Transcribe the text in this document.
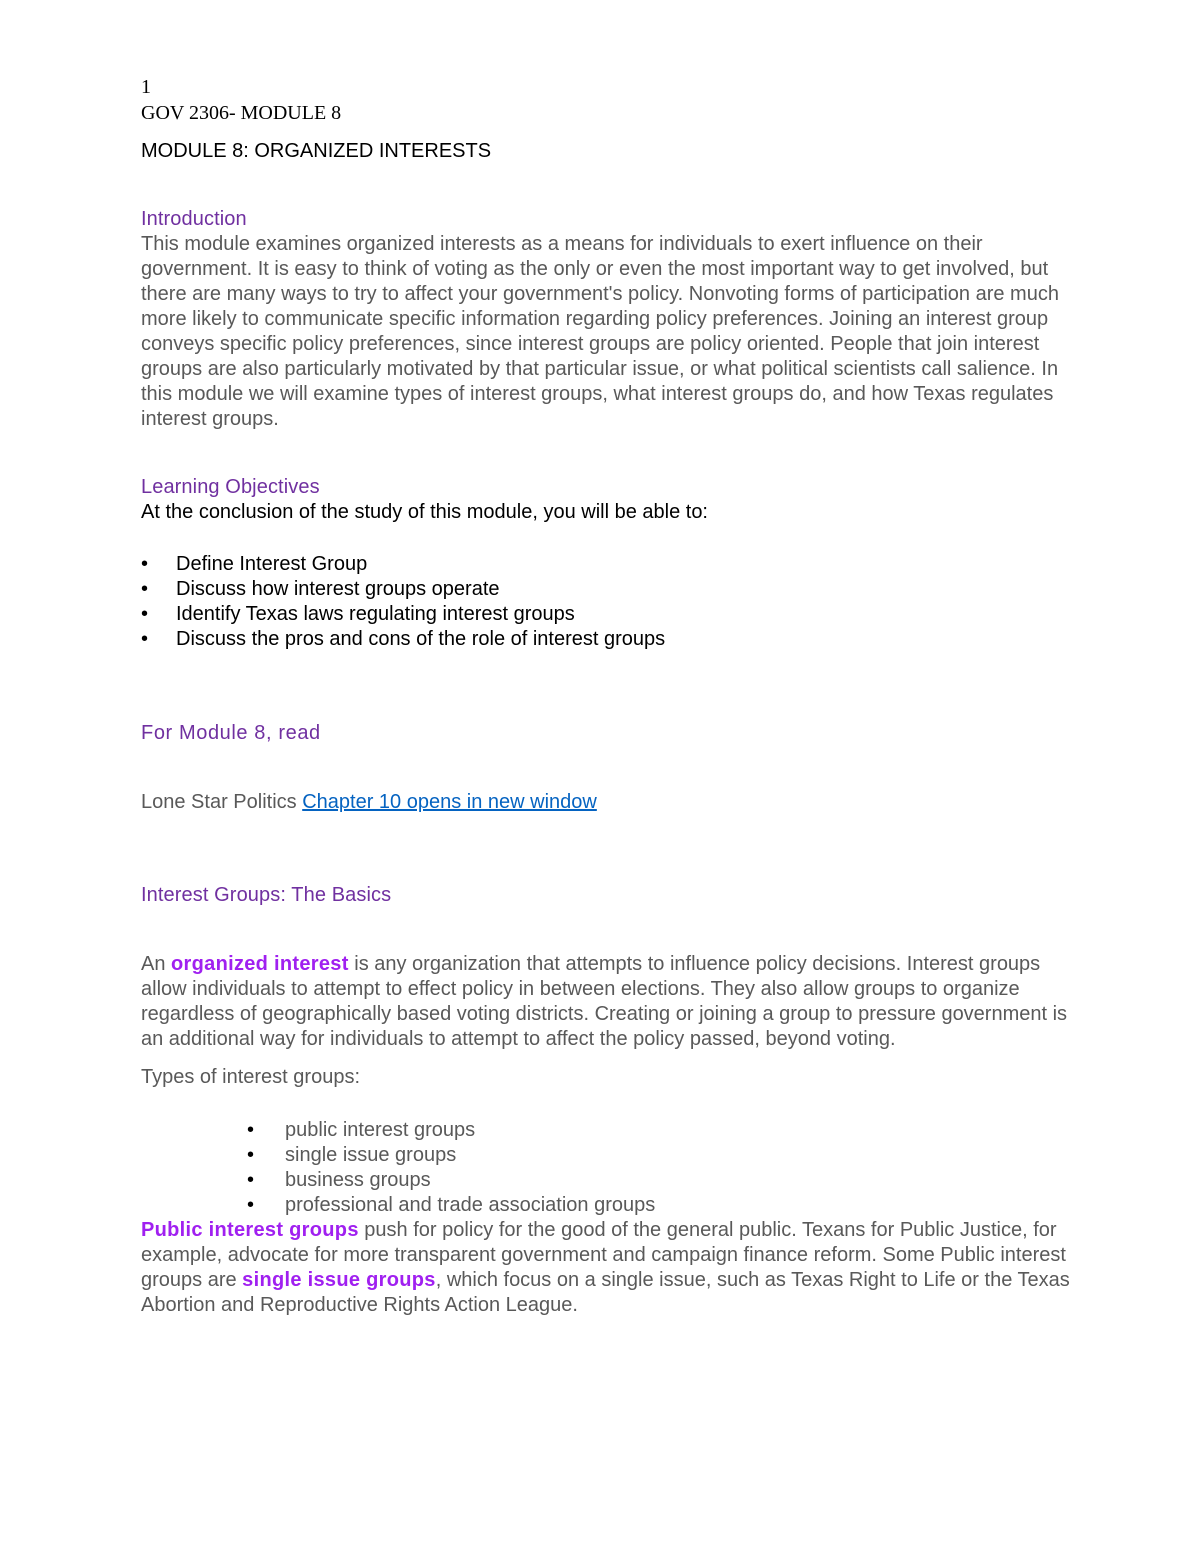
1
GOV 2306- MODULE 8
MODULE 8: ORGANIZED INTERESTS
Introduction

This module examines organized interests as a means for individuals to exert influence on their government. It is easy to think of voting as the only or even the most important way to get involved, but there are many ways to try to affect your government's policy. Nonvoting forms of participation are much more likely to communicate specific information regarding policy preferences. Joining an interest group conveys specific policy preferences, since interest groups are policy oriented. People that join interest groups are also particularly motivated by that particular issue, or what political scientists call salience. In this module we will examine types of interest groups, what interest groups do, and how Texas regulates interest groups.

Learning Objectives

At the conclusion of the study of this module, you will be able to:

• Define Interest Group
• Discuss how interest groups operate
• Identify Texas laws regulating interest groups
• Discuss the pros and cons of the role of interest groups
For Module 8, read

Lone Star Politics Chapter 10 opens in new window

Interest Groups: The Basics

An organized interest is any organization that attempts to influence policy decisions. Interest groups allow individuals to attempt to effect policy in between elections. They also allow groups to organize regardless of geographically based voting districts. Creating or joining a group to pressure government is an additional way for individuals to attempt to affect the policy passed, beyond voting.

Types of interest groups:

• public interest groups
• single issue groups
• business groups
• professional and trade association groups

Public interest groups push for policy for the good of the general public. Texans for Public Justice, for example, advocate for more transparent government and campaign finance reform. Some Public interest groups are single issue groups, which focus on a single issue, such as Texas Right to Life or the Texas Abortion and Reproductive Rights Action League.
